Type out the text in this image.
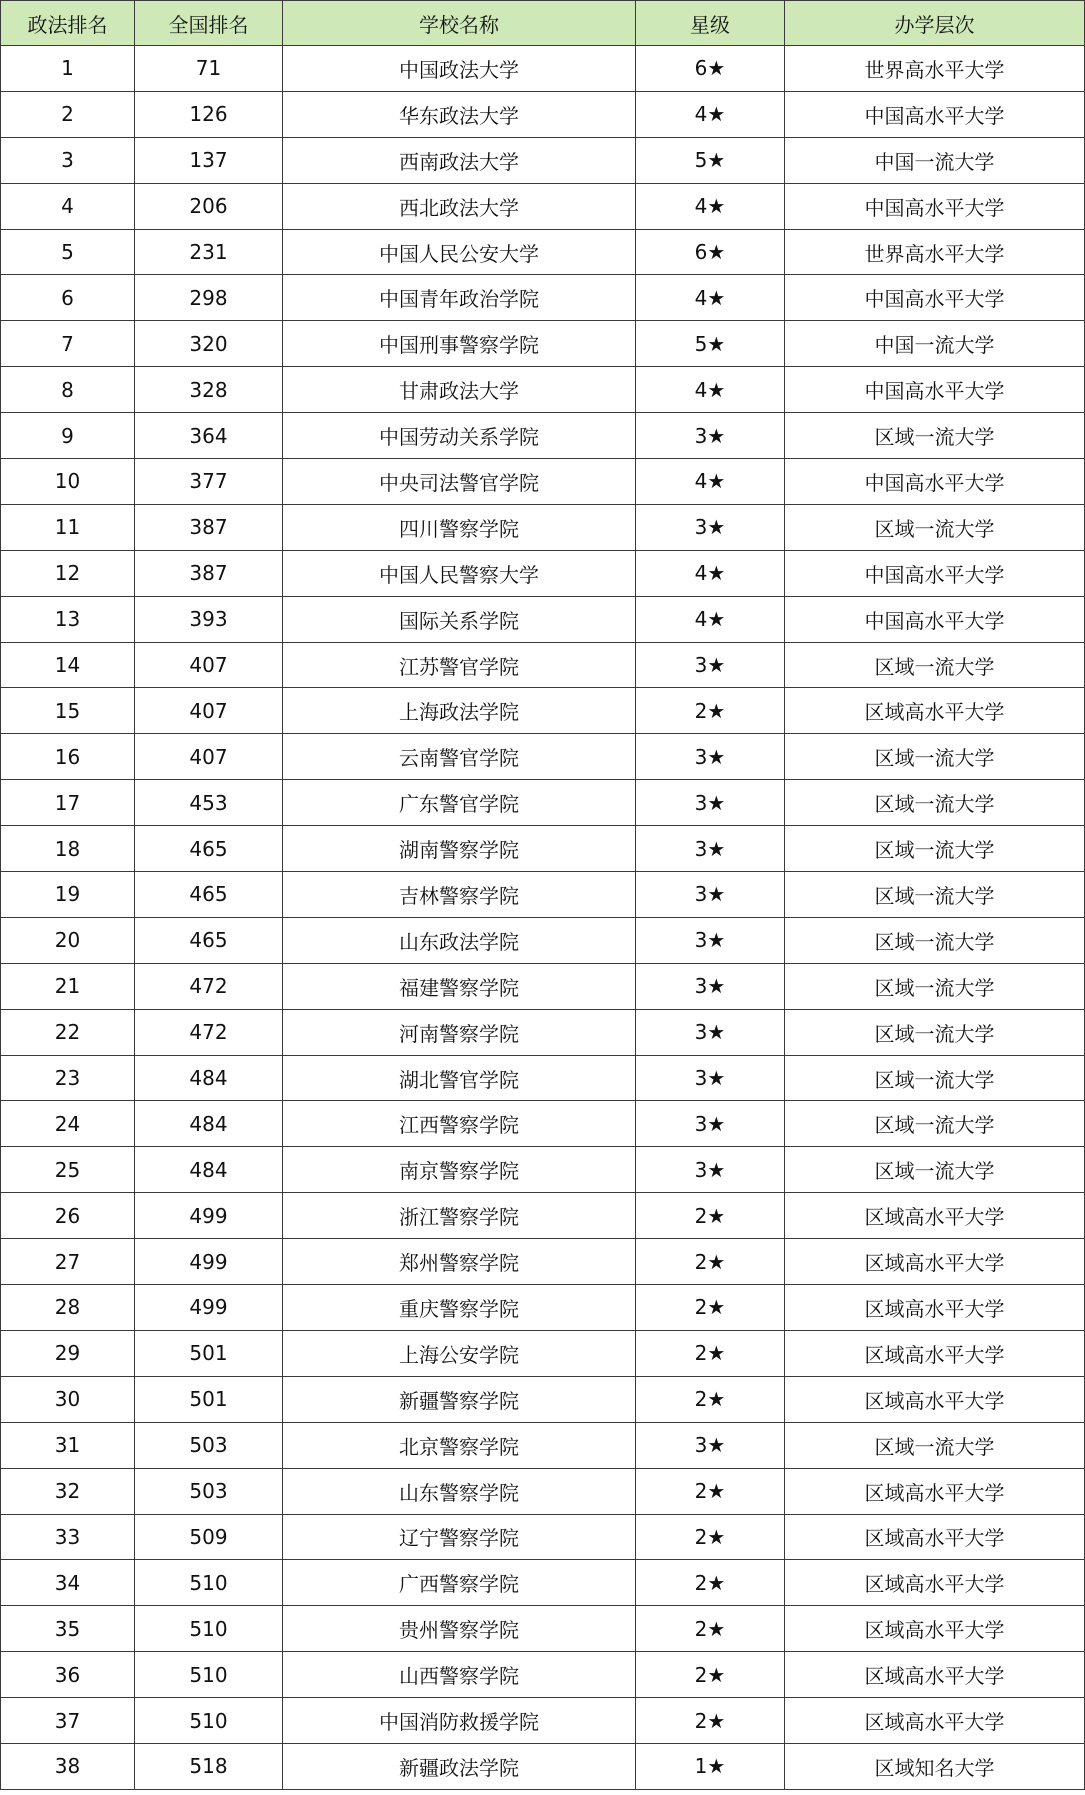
政法排名	全国排名	学校名称	星级	办学层次
1	71	中国政法大学	6★	世界高水平大学
2	126	华东政法大学	4★	中国高水平大学
3	137	西南政法大学	5★	中国一流大学
4	206	西北政法大学	4★	中国高水平大学
5	231	中国人民公安大学	6★	世界高水平大学
6	298	中国青年政治学院	4★	中国高水平大学
7	320	中国刑事警察学院	5★	中国一流大学
8	328	甘肃政法大学	4★	中国高水平大学
9	364	中国劳动关系学院	3★	区域一流大学
10	377	中央司法警官学院	4★	中国高水平大学
11	387	四川警察学院	3★	区域一流大学
12	387	中国人民警察大学	4★	中国高水平大学
13	393	国际关系学院	4★	中国高水平大学
14	407	江苏警官学院	3★	区域一流大学
15	407	上海政法学院	2★	区域高水平大学
16	407	云南警官学院	3★	区域一流大学
17	453	广东警官学院	3★	区域一流大学
18	465	湖南警察学院	3★	区域一流大学
19	465	吉林警察学院	3★	区域一流大学
20	465	山东政法学院	3★	区域一流大学
21	472	福建警察学院	3★	区域一流大学
22	472	河南警察学院	3★	区域一流大学
23	484	湖北警官学院	3★	区域一流大学
24	484	江西警察学院	3★	区域一流大学
25	484	南京警察学院	3★	区域一流大学
26	499	浙江警察学院	2★	区域高水平大学
27	499	郑州警察学院	2★	区域高水平大学
28	499	重庆警察学院	2★	区域高水平大学
29	501	上海公安学院	2★	区域高水平大学
30	501	新疆警察学院	2★	区域高水平大学
31	503	北京警察学院	3★	区域一流大学
32	503	山东警察学院	2★	区域高水平大学
33	509	辽宁警察学院	2★	区域高水平大学
34	510	广西警察学院	2★	区域高水平大学
35	510	贵州警察学院	2★	区域高水平大学
36	510	山西警察学院	2★	区域高水平大学
37	510	中国消防救援学院	2★	区域高水平大学
38	518	新疆政法学院	1★	区域知名大学
